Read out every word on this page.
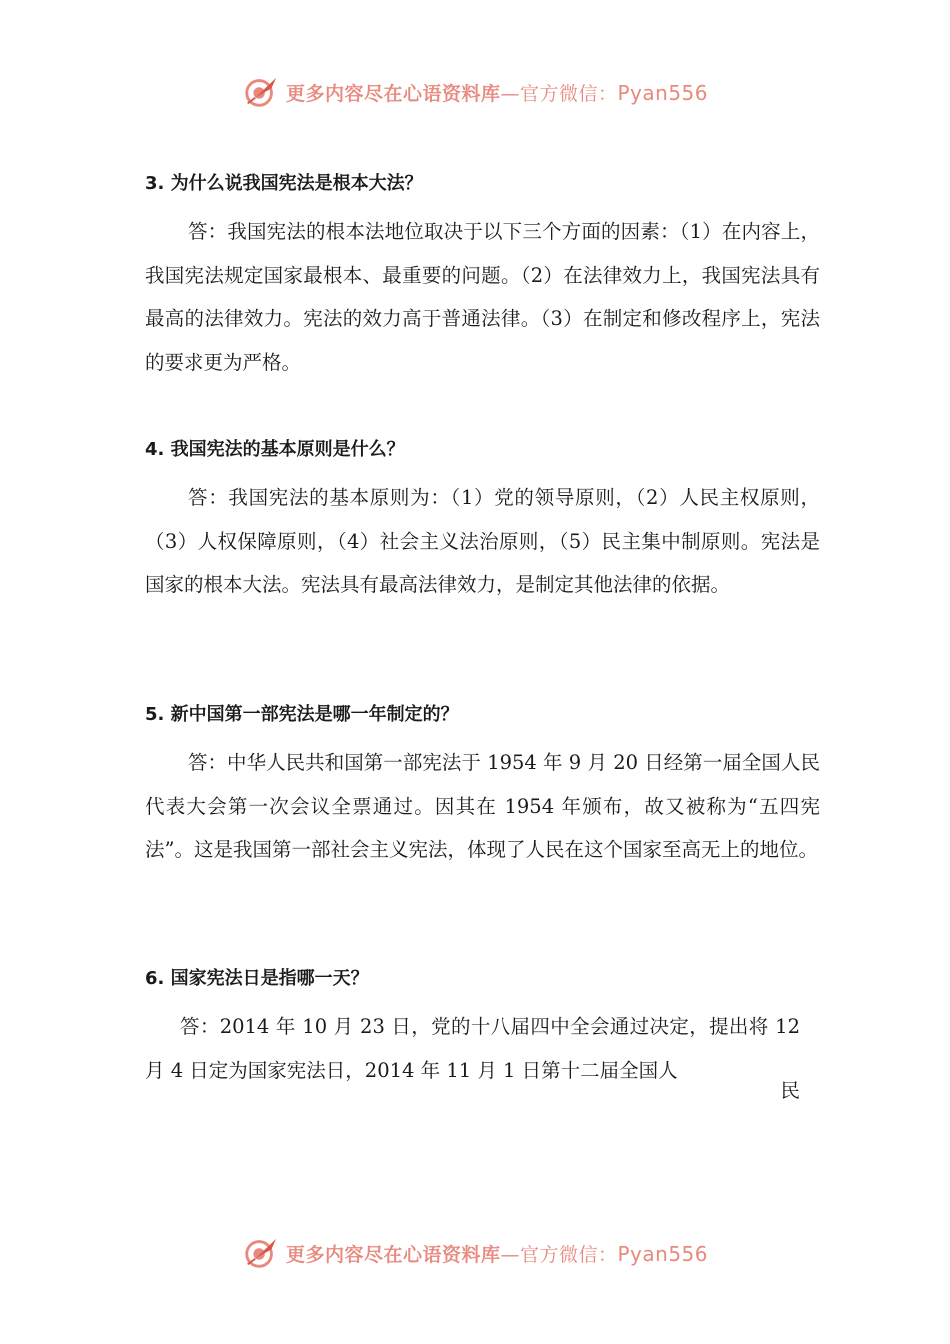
更多内容尽在心语资料库—官方微信：Pyan556

3. 为什么说我国宪法是根本大法？

答：我国宪法的根本法地位取决于以下三个方面的因素：（1）在内容上，我国宪法规定国家最根本、最重要的问题。（2）在法律效力上，我国宪法具有最高的法律效力。宪法的效力高于普通法律。（3）在制定和修改程序上，宪法的要求更为严格。

4. 我国宪法的基本原则是什么？

答：我国宪法的基本原则为：（1）党的领导原则，（2）人民主权原则，（3）人权保障原则，（4）社会主义法治原则，（5）民主集中制原则。宪法是国家的根本大法。宪法具有最高法律效力，是制定其他法律的依据。

5. 新中国第一部宪法是哪一年制定的？

答：中华人民共和国第一部宪法于 1954 年 9 月 20 日经第一届全国人民代表大会第一次会议全票通过。因其在 1954 年颁布，故又被称为“五四宪法”。这是我国第一部社会主义宪法，体现了人民在这个国家至高无上的地位。

6. 国家宪法日是指哪一天？

答：2014 年 10 月 23 日，党的十八届四中全会通过决定，提出将 12 月 4 日定为国家宪法日，2014 年 11 月 1 日第十二届全国人

民

更多内容尽在心语资料库—官方微信：Pyan556
